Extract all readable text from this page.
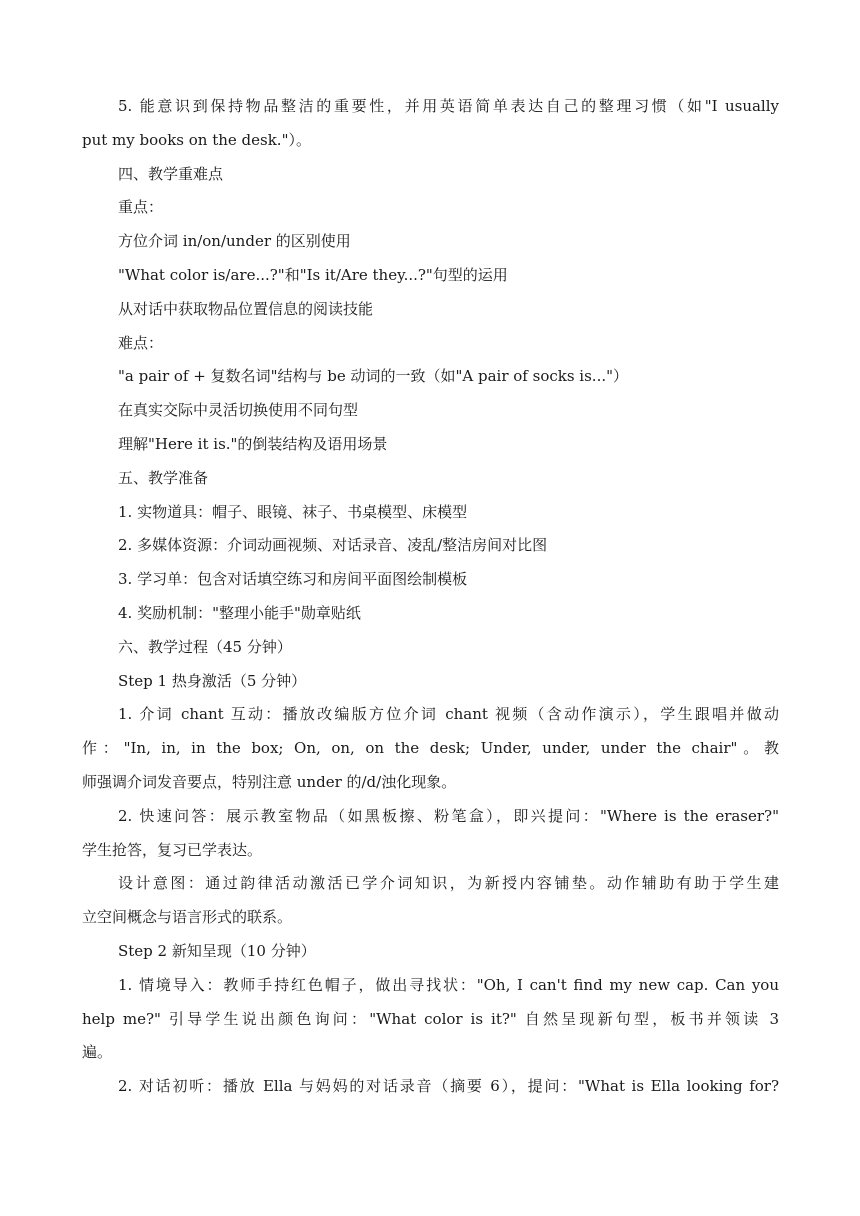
5. 能意识到保持物品整洁的重要性，并用英语简单表达自己的整理习惯（如"I usually

put my books on the desk."）。

四、教学重难点

重点：

方位介词 in/on/under 的区别使用

"What color is/are...?"和"Is it/Are they...?"句型的运用

从对话中获取物品位置信息的阅读技能

难点：

"a pair of + 复数名词"结构与 be 动词的一致（如"A pair of socks is..."）

在真实交际中灵活切换使用不同句型

理解"Here it is."的倒装结构及语用场景

五、教学准备

1. 实物道具：帽子、眼镜、袜子、书桌模型、床模型

2. 多媒体资源：介词动画视频、对话录音、凌乱/整洁房间对比图

3. 学习单：包含对话填空练习和房间平面图绘制模板

4. 奖励机制："整理小能手"勋章贴纸

六、教学过程（45 分钟）

Step 1 热身激活（5 分钟）

1. 介词 chant 互动：播放改编版方位介词 chant 视频（含动作演示），学生跟唱并做动

作："In, in, in the box; On, on, on the desk; Under, under, under the chair"。教

师强调介词发音要点，特别注意 under 的/d/浊化现象。

2. 快速问答：展示教室物品（如黑板擦、粉笔盒），即兴提问："Where is the eraser?"

学生抢答，复习已学表达。

设计意图：通过韵律活动激活已学介词知识，为新授内容铺垫。动作辅助有助于学生建

立空间概念与语言形式的联系。

Step 2 新知呈现（10 分钟）

1. 情境导入：教师手持红色帽子，做出寻找状："Oh, I can't find my new cap. Can you

help me?" 引导学生说出颜色询问："What color is it?" 自然呈现新句型，板书并领读 3

遍。

2. 对话初听：播放 Ella 与妈妈的对话录音（摘要 6），提问："What is Ella looking for?
